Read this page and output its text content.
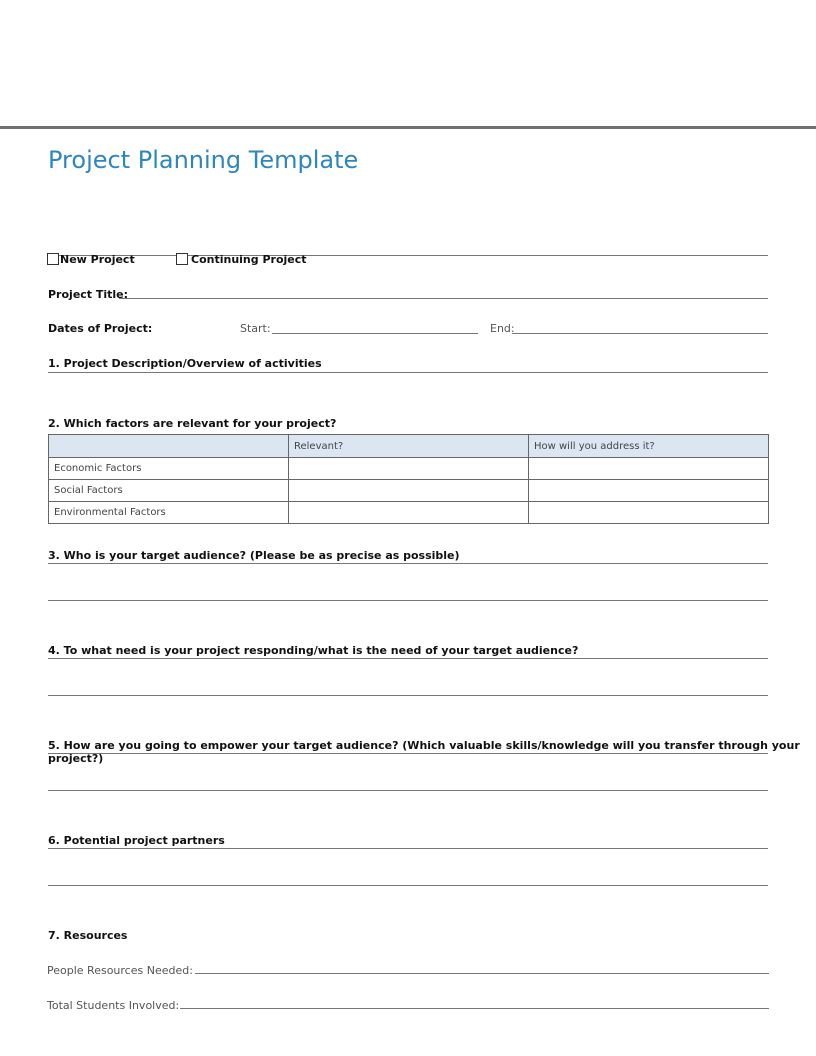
Project Planning Template
New Project	Continuing Project
Project Title:
Dates of Project:	Start:	End:
1. Project Description/Overview of activities
2. Which factors are relevant for your project?
	Relevant?	How will you address it?
Economic Factors		
Social Factors		
Environmental Factors		
3. Who is your target audience? (Please be as precise as possible)
4. To what need is your project responding/what is the need of your target audience?
5. How are you going to empower your target audience? (Which valuable skills/knowledge will you transfer through your project?)
6. Potential project partners
7. Resources
People Resources Needed:
Total Students Involved:
